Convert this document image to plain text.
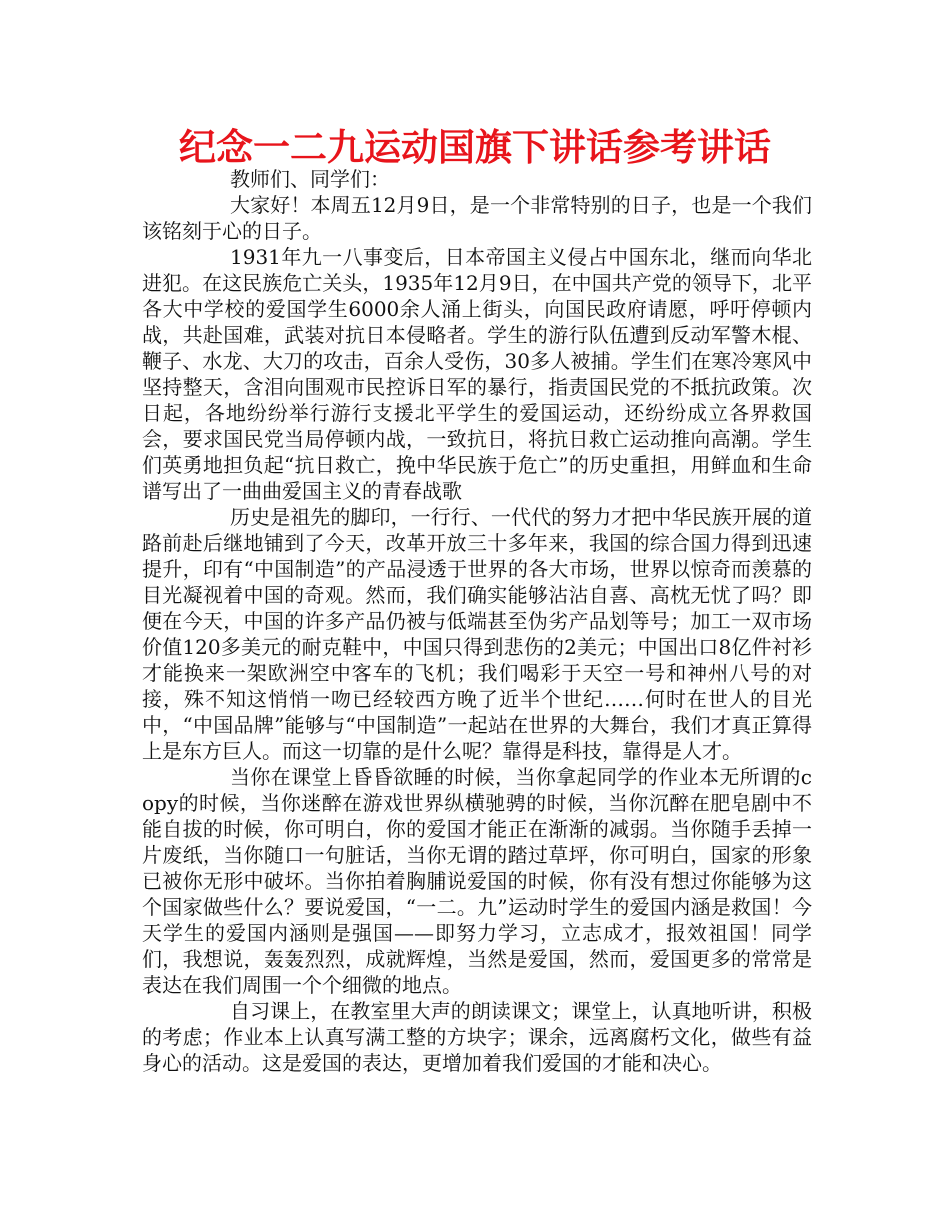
纪念一二九运动国旗下讲话参考讲话

教师们、同学们：

大家好！本周五12月9日，是一个非常特别的日子，也是一个我们该铭刻于心的日子。

1931年九一八事变后，日本帝国主义侵占中国东北，继而向华北进犯。在这民族危亡关头，1935年12月9日，在中国共产党的领导下，北平各大中学校的爱国学生6000余人涌上街头，向国民政府请愿，呼吁停顿内战，共赴国难，武装对抗日本侵略者。学生的游行队伍遭到反动军警木棍、鞭子、水龙、大刀的攻击，百余人受伤，30多人被捕。学生们在寒冷寒风中坚持整天，含泪向围观市民控诉日军的暴行，指责国民党的不抵抗政策。次日起，各地纷纷举行游行支援北平学生的爱国运动，还纷纷成立各界救国会，要求国民党当局停顿内战，一致抗日，将抗日救亡运动推向高潮。学生们英勇地担负起“抗日救亡，挽中华民族于危亡”的历史重担，用鲜血和生命谱写出了一曲曲爱国主义的青春战歌

历史是祖先的脚印，一行行、一代代的努力才把中华民族开展的道路前赴后继地铺到了今天，改革开放三十多年来，我国的综合国力得到迅速提升，印有“中国制造”的产品浸透于世界的各大市场，世界以惊奇而羡慕的目光凝视着中国的奇观。然而，我们确实能够沾沾自喜、高枕无忧了吗？即便在今天，中国的许多产品仍被与低端甚至伪劣产品划等号；加工一双市场价值120多美元的耐克鞋中，中国只得到悲伤的2美元；中国出口8亿件衬衫才能换来一架欧洲空中客车的飞机；我们喝彩于天空一号和神州八号的对接，殊不知这悄悄一吻已经较西方晚了近半个世纪……何时在世人的目光中，“中国品牌”能够与“中国制造”一起站在世界的大舞台，我们才真正算得上是东方巨人。而这一切靠的是什么呢？靠得是科技，靠得是人才。

当你在课堂上昏昏欲睡的时候，当你拿起同学的作业本无所谓的copy的时候，当你迷醉在游戏世界纵横驰骋的时候，当你沉醉在肥皂剧中不能自拔的时候，你可明白，你的爱国才能正在渐渐的减弱。当你随手丢掉一片废纸，当你随口一句脏话，当你无谓的踏过草坪，你可明白，国家的形象已被你无形中破坏。当你拍着胸脯说爱国的时候，你有没有想过你能够为这个国家做些什么？要说爱国，“一二。九”运动时学生的爱国内涵是救国！今天学生的爱国内涵则是强国——即努力学习，立志成才，报效祖国！同学们，我想说，轰轰烈烈，成就辉煌，当然是爱国，然而，爱国更多的常常是表达在我们周围一个个细微的地点。

自习课上，在教室里大声的朗读课文；课堂上，认真地听讲，积极的考虑；作业本上认真写满工整的方块字；课余，远离腐朽文化，做些有益身心的活动。这是爱国的表达，更增加着我们爱国的才能和决心。
